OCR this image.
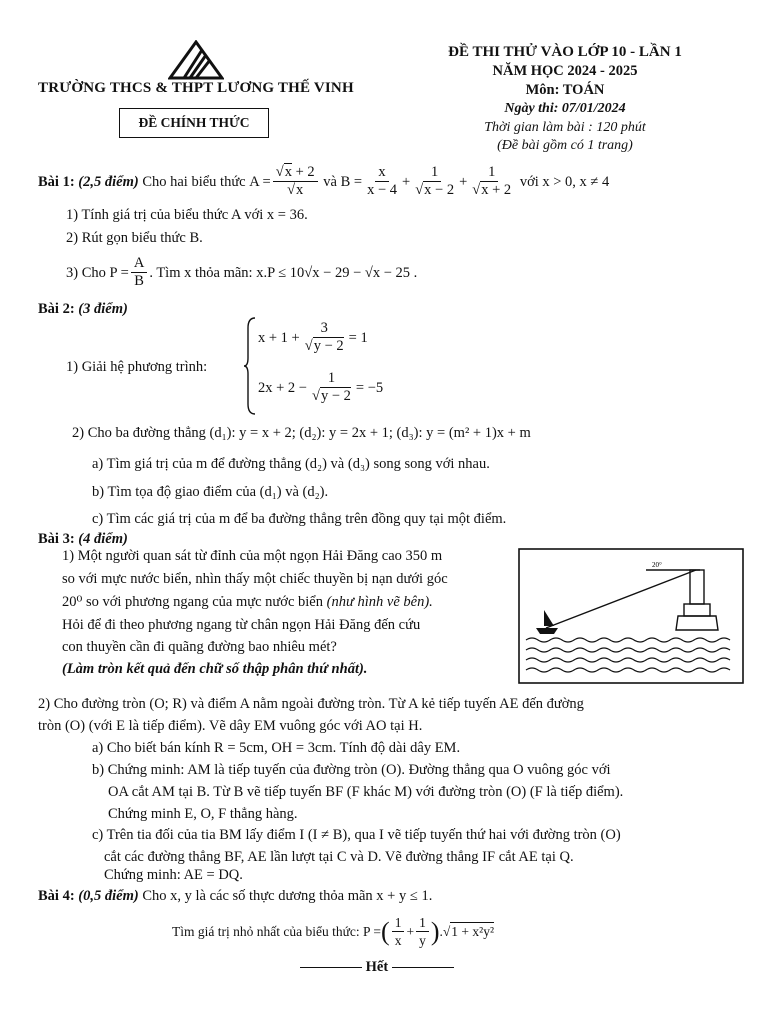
TRƯỜNG THCS & THPT LƯƠNG THẾ VINH
ĐỀ CHÍNH THỨC
ĐỀ THI THỬ VÀO LỚP 10 - LẦN 1
NĂM HỌC 2024 - 2025
Môn: TOÁN
Ngày thi: 07/01/2024
Thời gian làm bài : 120 phút
(Đề bài gồm có 1 trang)
Bài 1:
(2,5 điểm)
Cho hai biểu thức $A = \frac{√x + 2}{√x}$ và $B = \frac{x}{x - 4} + \frac{1}{√x - 2} + \frac{1}{√x + 2}$
với x > 0, x ≠ 4
1) Tính giá trị của biểu thức A với x = 36.
2) Rút gọn biểu thức B.
3) Cho $P = \frac{A}{B}$ . Tìm x thỏa mãn:
x.P ≤ 10√x − 29 − √x − 25 .
Bài 2: (3 điểm)
1) Giải hệ phương trình:
$x + 1 + \frac{3}{√y - 2} = 1$
$2x + 2 - \frac{1}{√y - 2} = -5$
2) Cho ba đường thẳng (d₁): y = x + 2; (d₂): y = 2x + 1; (d₃): y = (m² + 1)x + m
a) Tìm giá trị của m để đường thẳng (d₂) và (d₃) song song với nhau.
b) Tìm tọa độ giao điểm của (d₁) và (d₂).
c) Tìm các giá trị của m để ba đường thẳng trên đồng quy tại một điểm.
Bài 3: (4 điểm)
1) Một người quan sát từ đỉnh của một ngọn Hải Đăng cao 350 m
so với mực nước biển, nhìn thấy một chiếc thuyền bị nạn dưới góc
20⁰ so với phương ngang của mực nước biển (như hình vẽ bên).
Hỏi để đi theo phương ngang từ chân ngọn Hải Đăng đến cứu
con thuyền cần đi quãng đường bao nhiêu mét?
(Làm tròn kết quả đến chữ số thập phân thứ nhất).
20°
2) Cho đường tròn (O; R) và điểm A nằm ngoài đường tròn. Từ A kẻ tiếp tuyến AE đến đường
tròn (O) (với E là tiếp điểm). Vẽ dây EM vuông góc với AO tại H.
a) Cho biết bán kính R = 5cm, OH = 3cm. Tính độ dài dây EM.
b) Chứng minh: AM là tiếp tuyến của đường tròn (O). Đường thẳng qua O vuông góc với
OA cắt AM tại B. Từ B vẽ tiếp tuyến BF (F khác M) với đường tròn (O) (F là tiếp điểm).
Chứng minh E, O, F thẳng hàng.
c) Trên tia đối của tia BM lấy điểm I (I ≠ B), qua I vẽ tiếp tuyến thứ hai với đường tròn (O)
cắt các đường thẳng BF, AE lần lượt tại C và D. Vẽ đường thẳng IF cắt AE tại Q.
Chứng minh: AE = DQ.
Bài 4: (0,5 điểm) Cho x, y là các số thực dương thỏa mãn x + y ≤ 1.
Tìm giá trị nhỏ nhất của biểu thức: P = ( $\frac{1}{x} + \frac{1}{y}$ ) .√ 1 + x²y²

Hết
